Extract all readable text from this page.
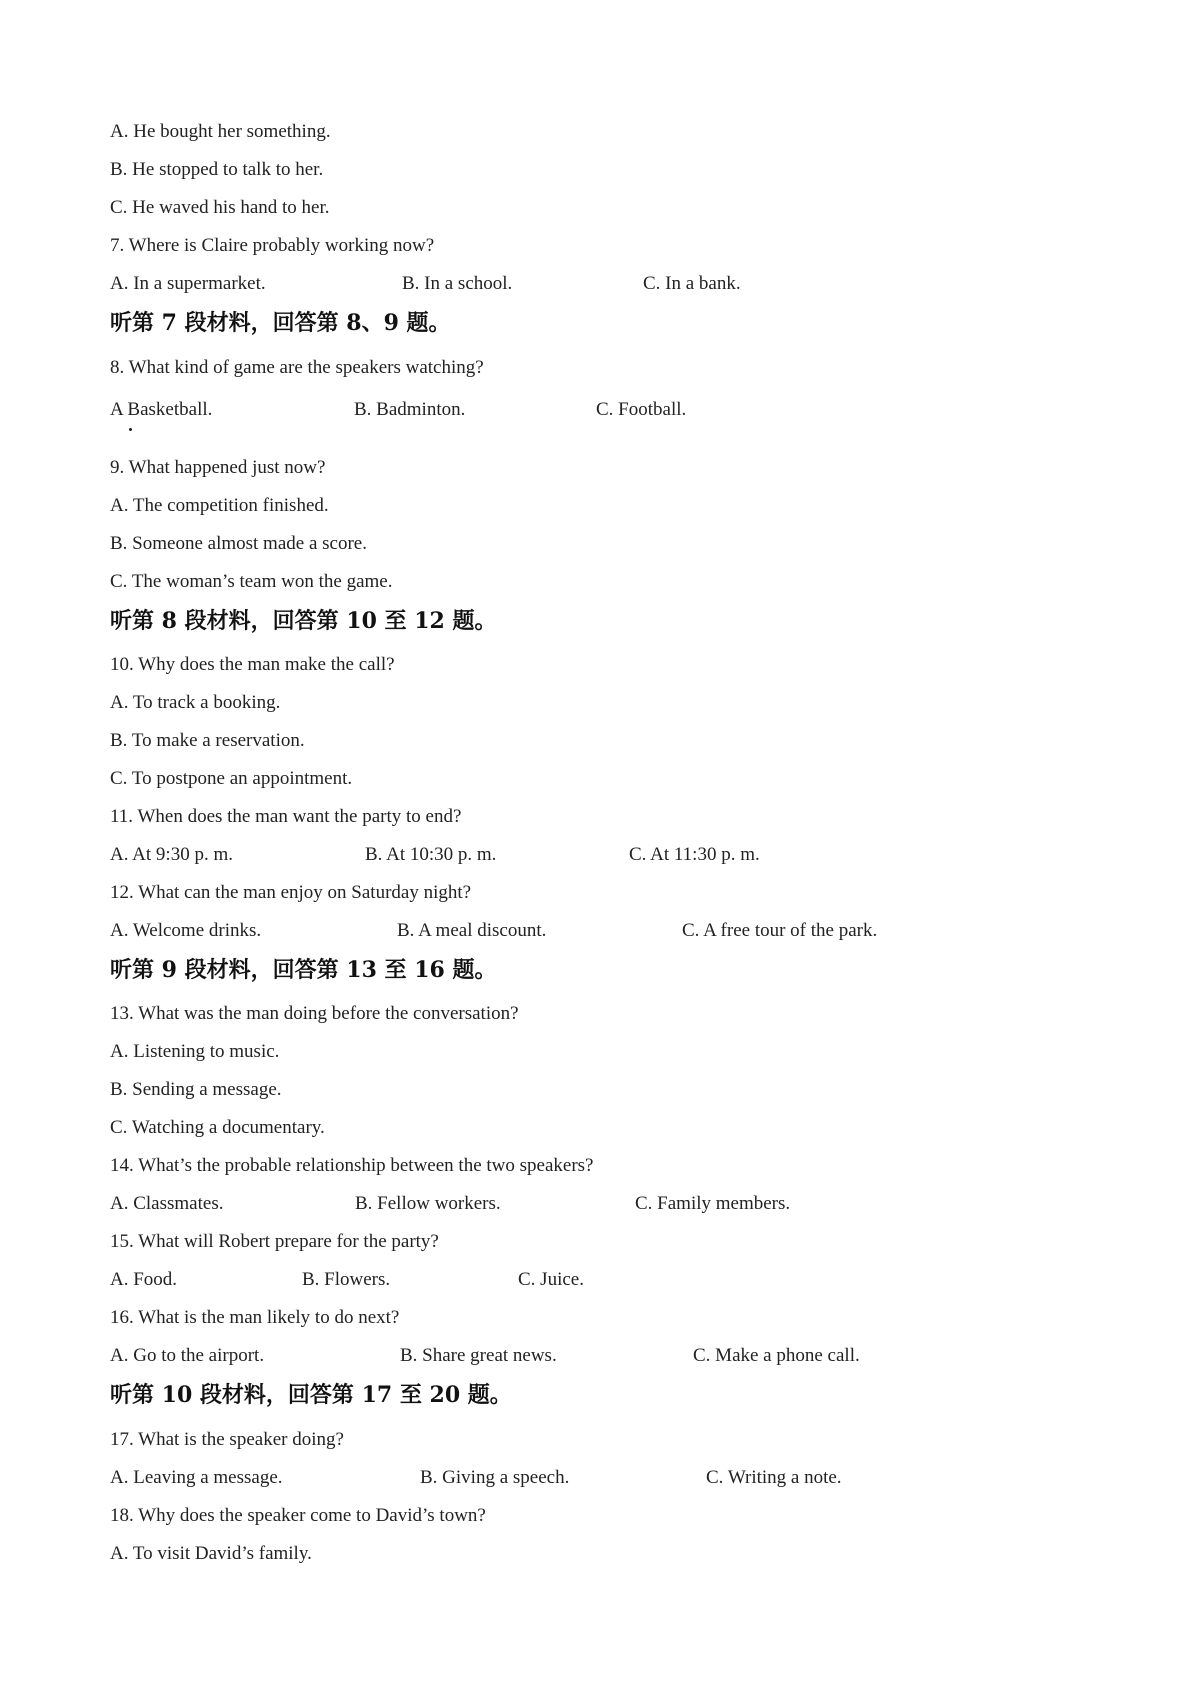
A. He bought her something.
B. He stopped to talk to her.
C. He waved his hand to her.
7. Where is Claire probably working now?
A. In a supermarket.	B. In a school.	C. In a bank.
听第 7 段材料，回答第 8、9 题。
8. What kind of game are the speakers watching?
A Basketball.	B. Badminton.	C. Football.
9. What happened just now?
A. The competition finished.
B. Someone almost made a score.
C. The woman’s team won the game.
听第 8 段材料，回答第 10 至 12 题。
10. Why does the man make the call?
A. To track a booking.
B. To make a reservation.
C. To postpone an appointment.
11. When does the man want the party to end?
A. At 9:30 p. m.	B. At 10:30 p. m.	C. At 11:30 p. m.
12. What can the man enjoy on Saturday night?
A. Welcome drinks.	B. A meal discount.	C. A free tour of the park.
听第 9 段材料，回答第 13 至 16 题。
13. What was the man doing before the conversation?
A. Listening to music.
B. Sending a message.
C. Watching a documentary.
14. What’s the probable relationship between the two speakers?
A. Classmates.	B. Fellow workers.	C. Family members.
15. What will Robert prepare for the party?
A. Food.	B. Flowers.	C. Juice.
16. What is the man likely to do next?
A. Go to the airport.	B. Share great news.	C. Make a phone call.
听第 10 段材料，回答第 17 至 20 题。
17. What is the speaker doing?
A. Leaving a message.	B. Giving a speech.	C. Writing a note.
18. Why does the speaker come to David’s town?
A. To visit David’s family.
